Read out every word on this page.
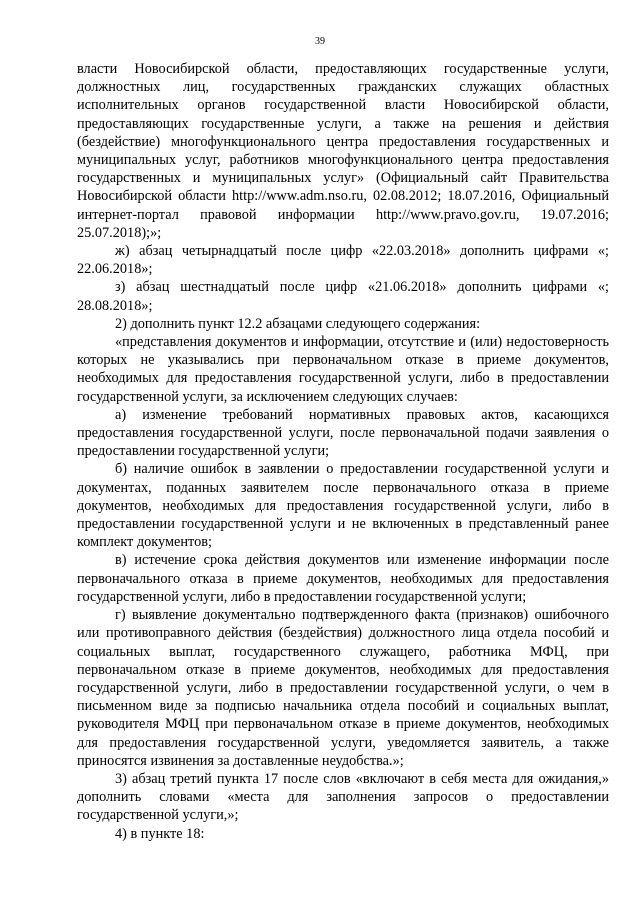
39

власти Новосибирской области, предоставляющих государственные услуги, должностных лиц, государственных гражданских служащих областных исполнительных органов государственной власти Новосибирской области, предоставляющих государственные услуги, а также на решения и действия (бездействие) многофункционального центра предоставления государственных и муниципальных услуг, работников многофункционального центра предоставления государственных и муниципальных услуг» (Официальный сайт Правительства Новосибирской области http://www.adm.nso.ru, 02.08.2012; 18.07.2016, Официальный интернет-портал правовой информации http://www.pravo.gov.ru, 19.07.2016; 25.07.2018);»;

ж) абзац четырнадцатый после цифр «22.03.2018» дополнить цифрами «; 22.06.2018»;

з) абзац шестнадцатый после цифр «21.06.2018» дополнить цифрами «; 28.08.2018»;

2) дополнить пункт 12.2 абзацами следующего содержания:

«представления документов и информации, отсутствие и (или) недостоверность которых не указывались при первоначальном отказе в приеме документов, необходимых для предоставления государственной услуги, либо в предоставлении государственной услуги, за исключением следующих случаев:

а) изменение требований нормативных правовых актов, касающихся предоставления государственной услуги, после первоначальной подачи заявления о предоставлении государственной услуги;

б) наличие ошибок в заявлении о предоставлении государственной услуги и документах, поданных заявителем после первоначального отказа в приеме документов, необходимых для предоставления государственной услуги, либо в предоставлении государственной услуги и не включенных в представленный ранее комплект документов;

в) истечение срока действия документов или изменение информации после первоначального отказа в приеме документов, необходимых для предоставления государственной услуги, либо в предоставлении государственной услуги;

г) выявление документально подтвержденного факта (признаков) ошибочного или противоправного действия (бездействия) должностного лица отдела пособий и социальных выплат, государственного служащего, работника МФЦ, при первоначальном отказе в приеме документов, необходимых для предоставления государственной услуги, либо в предоставлении государственной услуги, о чем в письменном виде за подписью начальника отдела пособий и социальных выплат, руководителя МФЦ при первоначальном отказе в приеме документов, необходимых для предоставления государственной услуги, уведомляется заявитель, а также приносятся извинения за доставленные неудобства.»;

3) абзац третий пункта 17 после слов «включают в себя места для ожидания,» дополнить словами «места для заполнения запросов о предоставлении государственной услуги,»;

4) в пункте 18:
